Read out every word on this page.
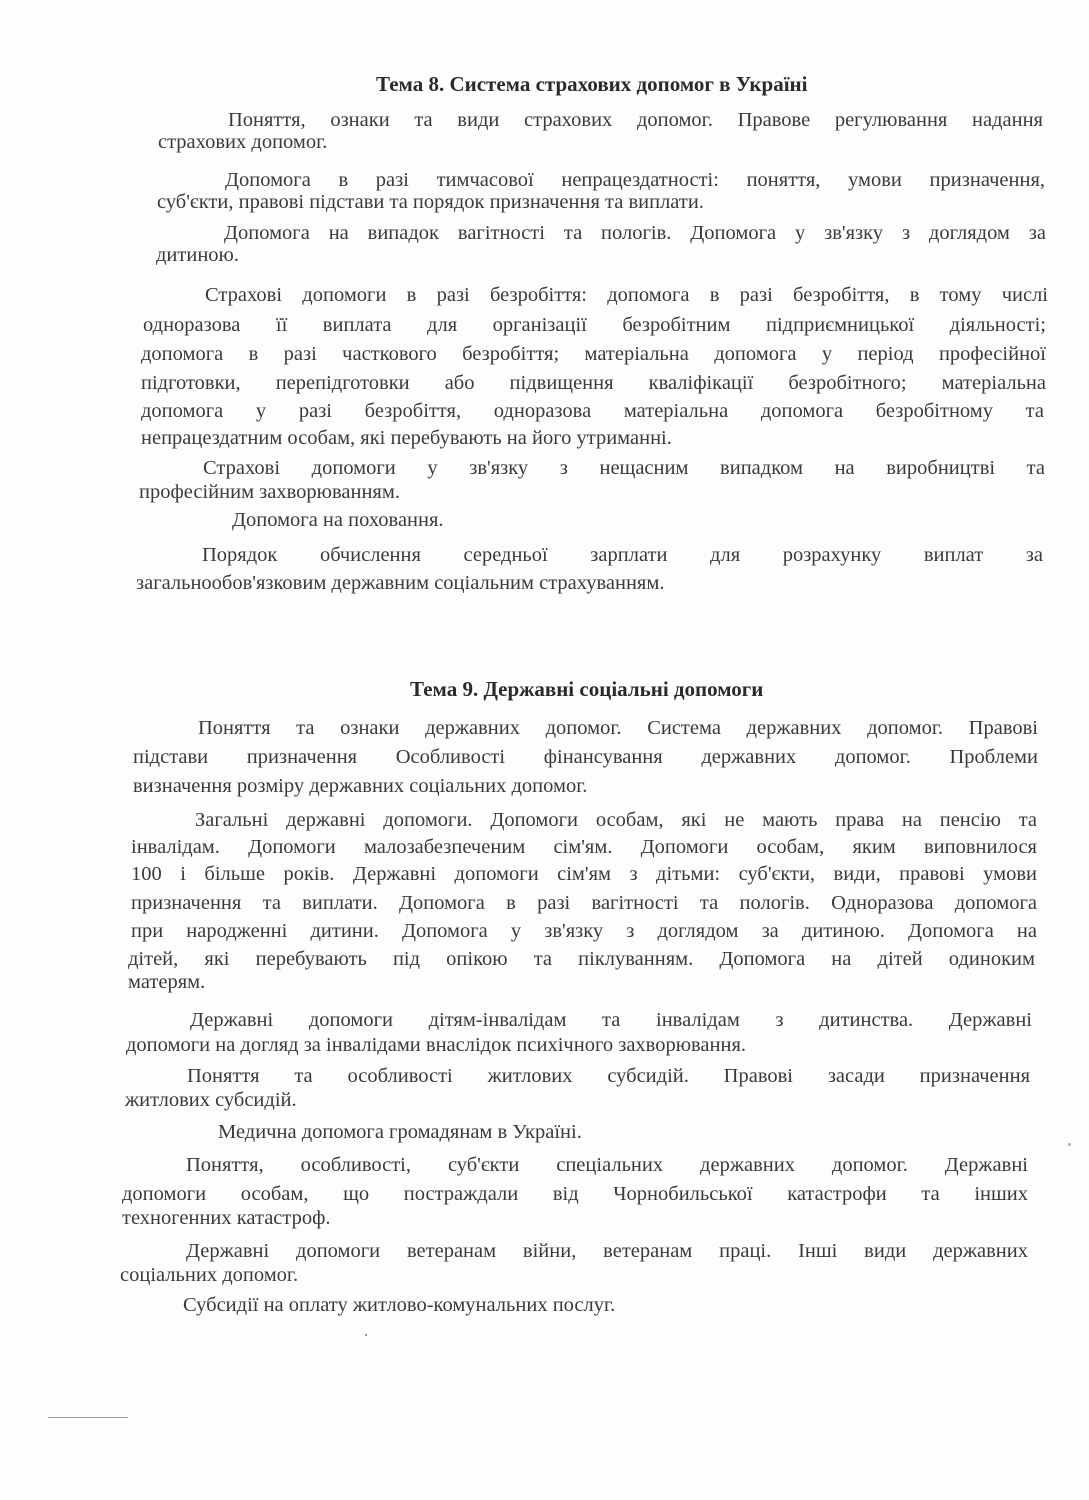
Тема 8. Система страхових допомог в Україні
Поняття, ознаки та види страхових допомог. Правове регулювання надання
страхових допомог.
Допомога в разі тимчасової непрацездатності: поняття, умови призначення,
суб'єкти, правові підстави та порядок призначення та виплати.
Допомога на випадок вагітності та пологів. Допомога у зв'язку з доглядом за
дитиною.
Страхові допомоги в разі безробіття: допомога в разі безробіття, в тому числі
одноразова її виплата для організації безробітним підприємницької діяльності;
допомога в разі часткового безробіття; матеріальна допомога у період професійної
підготовки, перепідготовки або підвищення кваліфікації безробітного; матеріальна
допомога у разі безробіття, одноразова матеріальна допомога безробітному та
непрацездатним особам, які перебувають на його утриманні.
Страхові допомоги у зв'язку з нещасним випадком на виробництві та
професійним захворюванням.
Допомога на поховання.
Порядок обчислення середньої зарплати для розрахунку виплат за
загальнообов'язковим державним соціальним страхуванням.
Тема 9. Державні соціальні допомоги
Поняття та ознаки державних допомог. Система державних допомог. Правові
підстави призначення Особливості фінансування державних допомог. Проблеми
визначення розміру державних соціальних допомог.
Загальні державні допомоги. Допомоги особам, які не мають права на пенсію та
інвалідам. Допомоги малозабезпеченим сім'ям. Допомоги особам, яким виповнилося
100 і більше років. Державні допомоги сім'ям з дітьми: суб'єкти, види, правові умови
призначення та виплати. Допомога в разі вагітності та пологів. Одноразова допомога
при народженні дитини. Допомога у зв'язку з доглядом за дитиною. Допомога на
дітей, які перебувають під опікою та піклуванням. Допомога на дітей одиноким
матерям.
Державні допомоги дітям-інвалідам та інвалідам з дитинства. Державні
допомоги на догляд за інвалідами внаслідок психічного захворювання.
Поняття та особливості житлових субсидій. Правові засади призначення
житлових субсидій.
Медична допомога громадянам в Україні.
Поняття, особливості, суб'єкти спеціальних державних допомог. Державні
допомоги особам, що постраждали від Чорнобильської катастрофи та інших
техногенних катастроф.
Державні допомоги ветеранам війни, ветеранам праці. Інші види державних
соціальних допомог.
Субсидії на оплату житлово-комунальних послуг.
